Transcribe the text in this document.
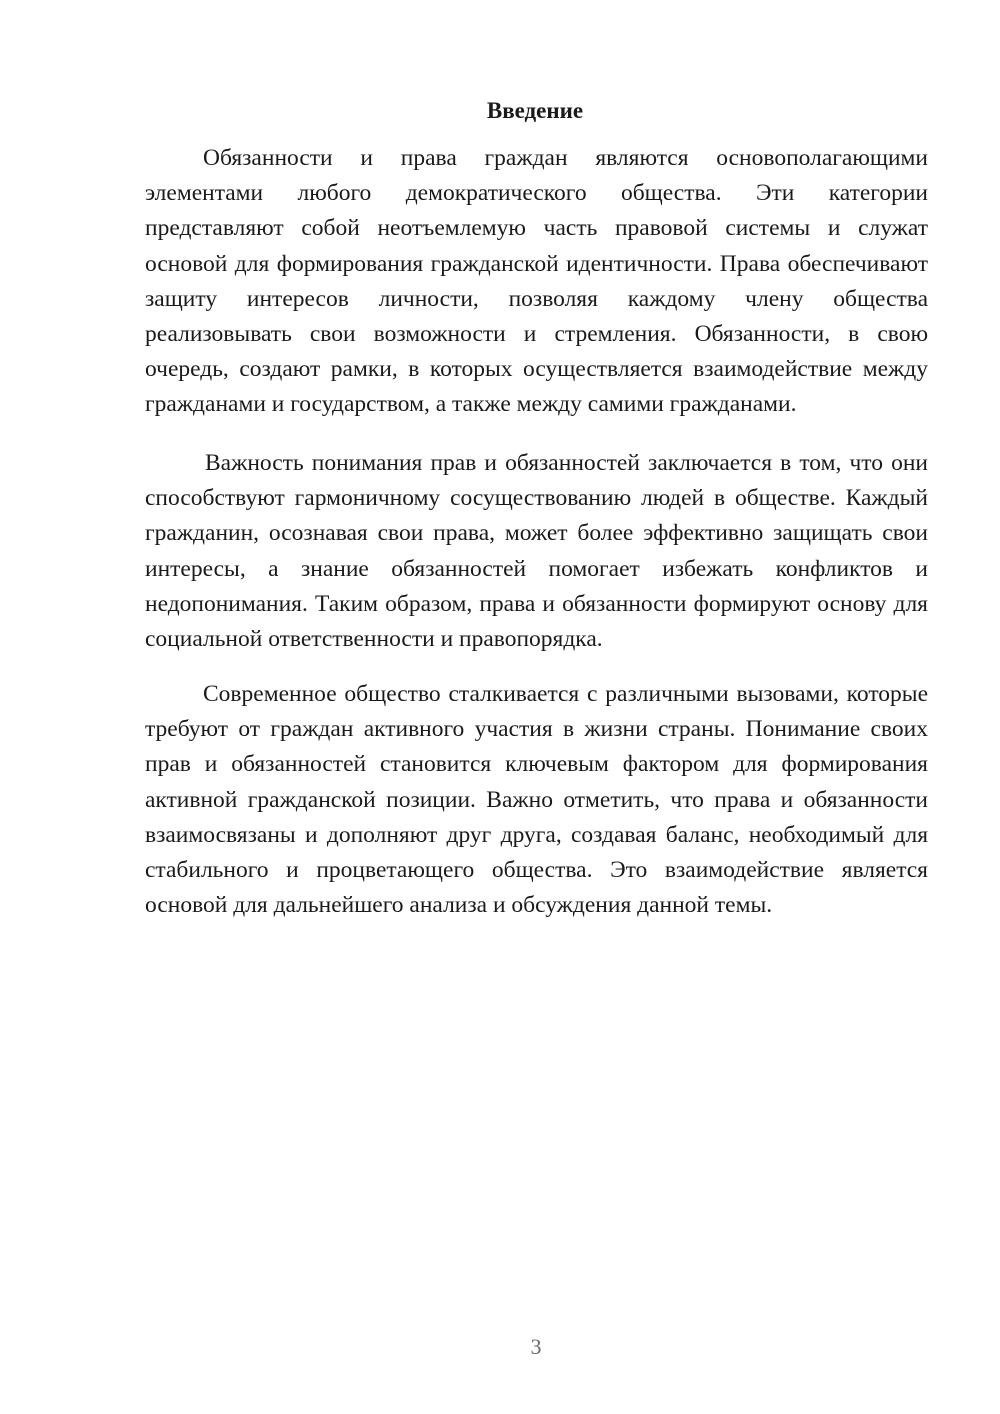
Введение

Обязанности и права граждан являются основополагающими элементами любого демократического общества. Эти категории представляют собой неотъемлемую часть правовой системы и служат основой для формирования гражданской идентичности. Права обеспечивают защиту интересов личности, позволяя каждому члену общества реализовывать свои возможности и стремления. Обязанности, в свою очередь, создают рамки, в которых осуществляется взаимодействие между гражданами и государством, а также между самими гражданами.

Важность понимания прав и обязанностей заключается в том, что они способствуют гармоничному сосуществованию людей в обществе. Каждый гражданин, осознавая свои права, может более эффективно защищать свои интересы, а знание обязанностей помогает избежать конфликтов и недопонимания. Таким образом, права и обязанности формируют основу для социальной ответственности и правопорядка.

Современное общество сталкивается с различными вызовами, которые требуют от граждан активного участия в жизни страны. Понимание своих прав и обязанностей становится ключевым фактором для формирования активной гражданской позиции. Важно отметить, что права и обязанности взаимосвязаны и дополняют друг друга, создавая баланс, необходимый для стабильного и процветающего общества. Это взаимодействие является основой для дальнейшего анализа и обсуждения данной темы.

3
